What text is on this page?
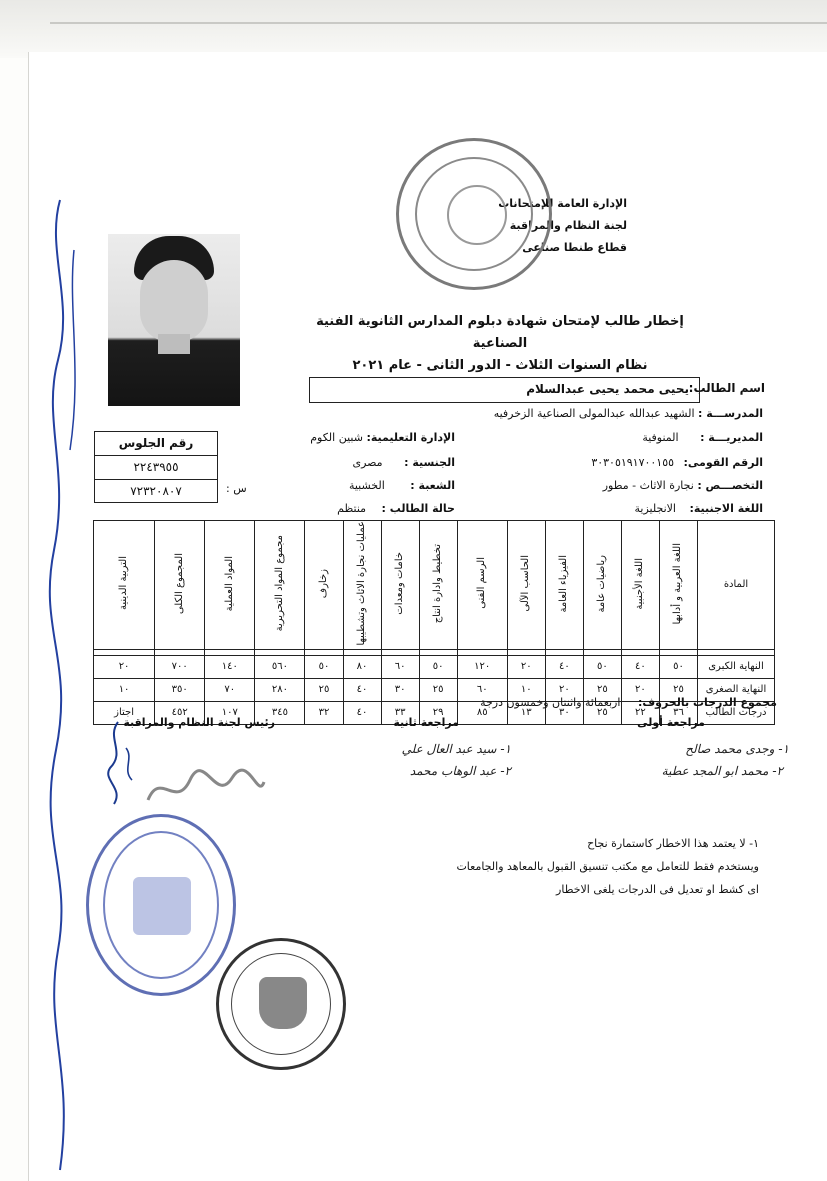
الإدارة العامة للإمتحانات
لجنة النظام والمراقبة
قطاع طنطا صناعى
إخطار طالب لإمتحان شهادة دبلوم المدارس الثانوية الفنية الصناعية
نظام السنوات الثلاث - الدور الثانى - عام ٢٠٢١
اسم الطالب:
يحيى محمد يحيى عبدالسلام
المدرســـة : الشهيد عبدالله عبدالمولى الصناعية الزخرفيه
المديريـــة : المنوفية
الإدارة التعليمية: شبين الكوم
الرقم القومى: ٣٠٣٠٥١٩١٧٠٠١٥٥
الجنسية : مصرى
التخصـــص : نجارة الاثاث - مطور
الشعبة : الخشبية
اللغة الاجنبية: الانجليزية
حالة الطالب : منتظم
رقم الجلوس
٢٢٤٣٩٥٥
٧٢٣٢٠٨٠٧	س :
المادة	اللغة العربية و أدابها	اللغة الأجنبية	رياضيات عامة	الفيزياء العامة	الحاسب الآلى	الرسم الفنى	تخطيط وادارة انتاج	خامات ومعدات	عمليات نجارة الاثاث وتشطيبها	زخارف	مجموع المواد التحريرية	المواد العملية	المجموع الكلى	التربية الدينية

النهاية الكبرى	٥٠	٤٠	٥٠	٤٠	٢٠	١٢٠	٥٠	٦٠	٨٠	٥٠	٥٦٠	١٤٠	٧٠٠	٢٠
النهاية الصغرى	٢٥	٢٠	٢٥	٢٠	١٠	٦٠	٢٥	٣٠	٤٠	٢٥	٢٨٠	٧٠	٣٥٠	١٠
درجات الطالب	٣٦	٢٢	٢٥	٣٠	١٣	٨٥	٢٩	٣٣	٤٠	٣٢	٣٤٥	١٠٧	٤٥٢	اجتاز
مجموع الدرجات بالحروف: اربعمائة واثنتان وخمسون درجة
مراجعة أولى
مراجعة ثانية
رئيس لجنة النظام والمراقبة
١- وجدى محمد صالح
٢- محمد ابو المجد عطية
١- سيد عبد العال علي
٢- عبد الوهاب محمد
١- لا يعتمد هذا الاخطار كاستمارة نجاح
ويستخدم فقط للتعامل مع مكتب تنسيق القبول بالمعاهد والجامعات
اى كشط او تعديل فى الدرجات يلغى الاخطار
